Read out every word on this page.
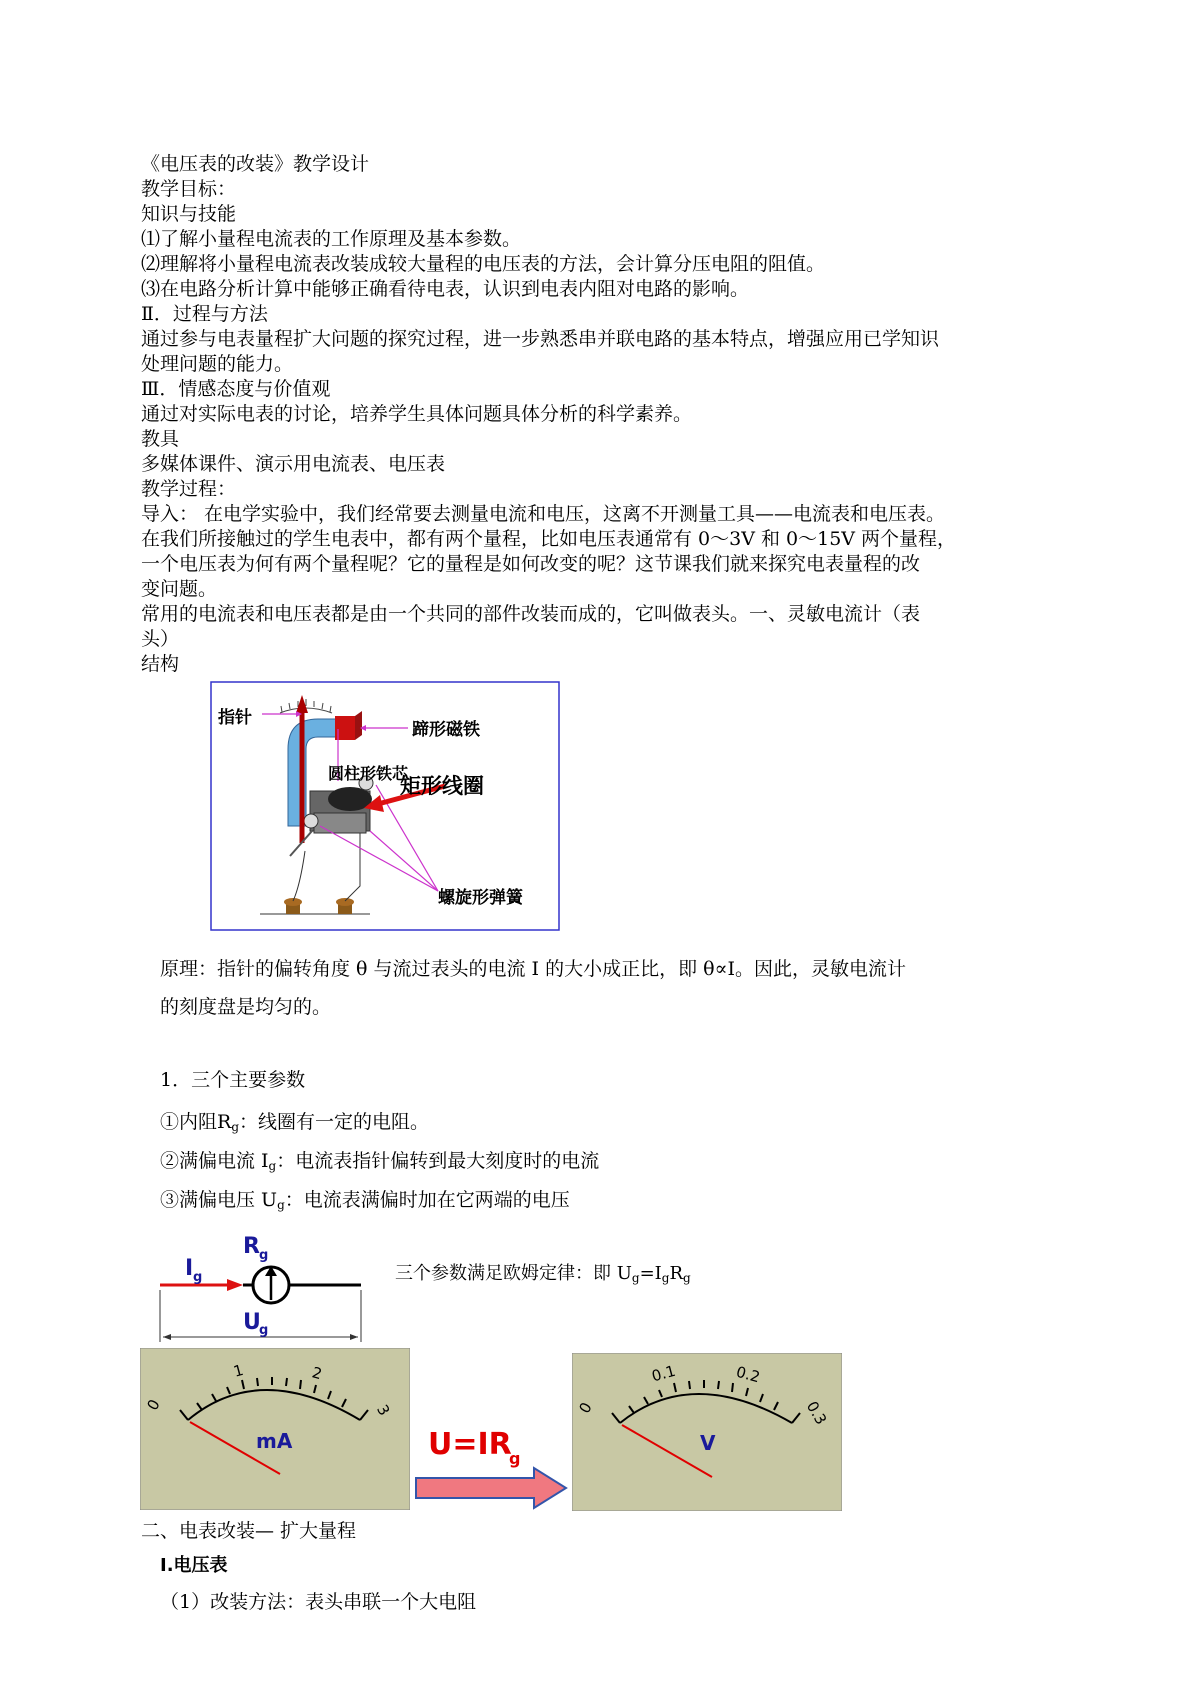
《电压表的改装》教学设计
教学目标：
知识与技能
⑴了解小量程电流表的工作原理及基本参数。
⑵理解将小量程电流表改装成较大量程的电压表的方法，会计算分压电阻的阻值。
⑶在电路分析计算中能够正确看待电表，认识到电表内阻对电路的影响。
Ⅱ．过程与方法
通过参与电表量程扩大问题的探究过程，进一步熟悉串并联电路的基本特点，增强应用已学知识
处理问题的能力。
Ⅲ．情感态度与价值观
通过对实际电表的讨论，培养学生具体问题具体分析的科学素养。
教具
多媒体课件、演示用电流表、电压表
教学过程：
导入： 在电学实验中，我们经常要去测量电流和电压，这离不开测量工具——电流表和电压表。
在我们所接触过的学生电表中，都有两个量程，比如电压表通常有 0～3V 和 0～15V 两个量程，
一个电压表为何有两个量程呢？它的量程是如何改变的呢？这节课我们就来探究电表量程的改
变问题。
常用的电流表和电压表都是由一个共同的部件改装而成的，它叫做表头。一、灵敏电流计（表
头）
结构
指针
蹄形磁铁
圆柱形铁芯
矩形线圈
螺旋形弹簧
原理：指针的偏转角度 θ 与流过表头的电流 I 的大小成正比，即 θ∝I。因此，灵敏电流计
的刻度盘是均匀的。
1．三个主要参数
①内阻$R_g$：线圈有一定的电阻。
②满偏电流 $I_g$：电流表指针偏转到最大刻度时的电流
③满偏电压 $U_g$：电流表满偏时加在它两端的电压
R g
I g
U
g
三个参数满足欧姆定律：即 $U_g=I_gR_g$
0
1	2
3
mA	U=IR
g
0
0.1	0.2
0.3
V
二、电表改装— 扩大量程
Ⅰ.电压表
（1）改装方法：表头串联一个大电阻
